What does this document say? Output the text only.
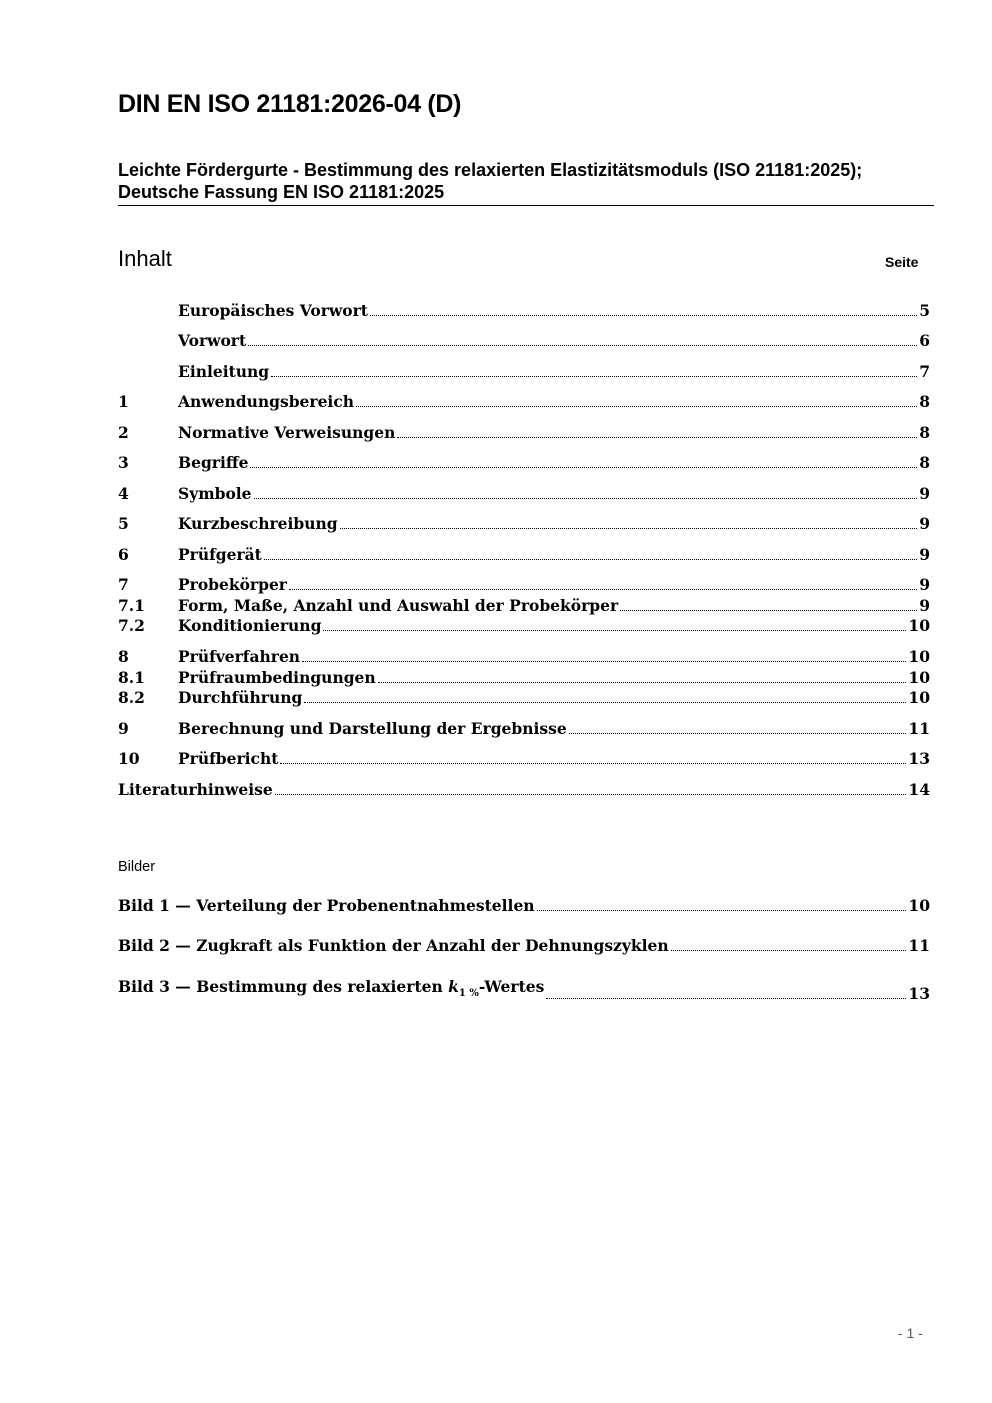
DIN EN ISO 21181:2026-04 (D)
Leichte Fördergurte - Bestimmung des relaxierten Elastizitätsmoduls (ISO 21181:2025); Deutsche Fassung EN ISO 21181:2025
Inhalt	Seite
Europäisches Vorwort	5
Vorwort	6
Einleitung	7
1	Anwendungsbereich	8
2	Normative Verweisungen	8
3	Begriffe	8
4	Symbole	9
5	Kurzbeschreibung	9
6	Prüfgerät	9
7	Probekörper	9
7.1	Form, Maße, Anzahl und Auswahl der Probekörper	9
7.2	Konditionierung	10
8	Prüfverfahren	10
8.1	Prüfraumbedingungen	10
8.2	Durchführung	10
9	Berechnung und Darstellung der Ergebnisse	11
10	Prüfbericht	13
Literaturhinweise	14
Bilder
Bild 1 — Verteilung der Probenentnahmestellen	10
Bild 2 — Zugkraft als Funktion der Anzahl der Dehnungszyklen	11
Bild 3 — Bestimmung des relaxierten $k_{1 \%}$-Wertes	13
- 1 -
